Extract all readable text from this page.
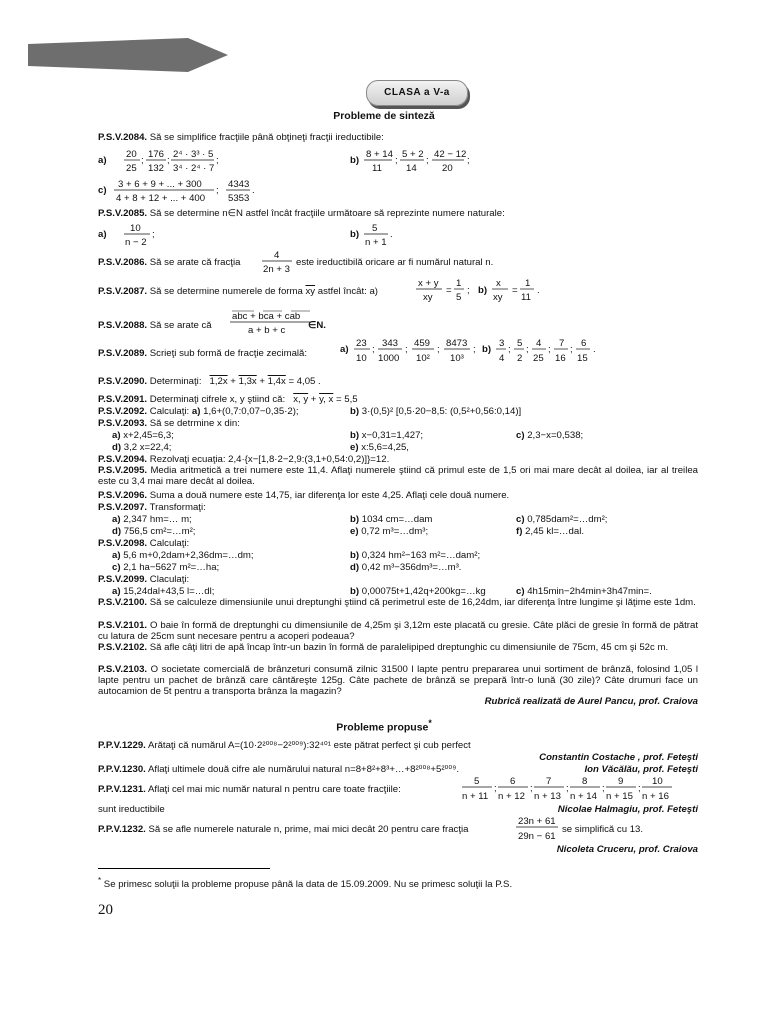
CLASA a V-a
Probleme de sinteză
P.S.V.2084. Să se simplifice fracţiile până obţineţi fracţii ireductibile:
a)
20
25
;
176
132
;
2⁴ · 3³ · 5
3⁴ · 2⁴ · 7
;	b)
8 + 14
11
;
5 + 2
14
;
42 − 12
20
;
c)
3 + 6 + 9 + ... + 300
4 + 8 + 12 + ... + 400
;
4343
5353
.
P.S.V.2085. Să se determine n∈N astfel încât fracţiile următoare să reprezinte numere naturale:
a)
10
n − 2
;	b)
5
n + 1
.
P.S.V.2086. Să se arate că fracţia
4
2n + 3
este ireductibilă oricare ar fi numărul natural n.
P.S.V.2087. Să se determine numerele de forma $\overline{xy}$ astfel încât: a)
x + y
xy
=
1
5
; b)
x
xy
=
1
11
.
P.S.V.2088. Să se arate că
abc + bca + cab
a + b + c ∈N.
P.S.V.2089. Scrieţi sub formă de fracţie zecimală:	a)
23
10
;
343
1000
;
459
10²
;
8473
10³
; b)
3
4
;
5
2
;
4
25
;
7
16
;
6
15
.
P.S.V.2090. Determinaţi: 1,2x + 1,3x + 1,4x = 4,05 .
P.S.V.2091. Determinaţi cifrele x, y ştiind că: x, y + y, x = 5,5
P.S.V.2092. Calculaţi: a) 1,6+(0,7:0,07−0,35·2);	b) 3·(0,5)² [0,5·20−8,5: (0,5²+0,56:0,14)]
P.S.V.2093. Să se detrmine x din:
a) x+2,45=6,3;	b) x−0,31=1,427;	c) 2,3−x=0,538;
d) 3,2 x=22,4;	e) x:5,6=4,25,
P.S.V.2094. Rezolvaţi ecuaţia: 2,4·{x−[1,8·2−2,9:(3,1+0,54:0,2)]}=12.
P.S.V.2095. Media aritmetică a trei numere este 11,4. Aflaţi numerele ştiind că primul este de 1,5 ori mai mare decât al doilea, iar al treilea este cu 3,4 mai mare decât al doilea.
P.S.V.2096. Suma a două numere este 14,75, iar diferenţa lor este 4,25. Aflaţi cele două numere.
P.S.V.2097. Transformaţi:
a) 2,347 hm=… m;	b) 1034 cm=…dam	c) 0,785dam²=…dm²;
d) 756,5 cm²=…m²;	e) 0,72 m³=…dm³;	f) 2,45 kl=…dal.
P.S.V.2098. Calculaţi:
a) 5,6 m+0,2dam+2,36dm=…dm;	b) 0,324 hm²−163 m²=…dam²;
c) 2,1 ha−5627 m²=…ha;	d) 0,42 m³−356dm³=…m³.
P.S.V.2099. Claculaţi:
a) 15,24dal+43,5 l=…dl;	b) 0,00075t+1,42q+200kg=…kg	c) 4h15min−2h4min+3h47min=.
P.S.V.2100. Să se calculeze dimensiunile unui dreptunghi ştiind că perimetrul este de 16,24dm, iar diferenţa între lungime şi lăţime este 1dm.
P.S.V.2101. O baie în formă de dreptunghi cu dimensiunile de 4,25m şi 3,12m este placată cu gresie. Câte plăci de gresie în formă de pătrat cu latura de 25cm sunt necesare pentru a acoperi podeaua?
P.S.V.2102. Să afle câţi litri de apă încap într-un bazin în formă de paralelipiped dreptunghic cu dimensiunile de 75cm, 45 cm şi 52c m.
P.S.V.2103. O societate comercială de brânzeturi consumă zilnic 31500 l lapte pentru prepararea unui sortiment de brânză, folosind 1,05 l lapte pentru un pachet de brânză care cântăreşte 125g. Câte pachete de brânză se prepară într-o lună (30 zile)? Câte drumuri face un autocamion de 5t pentru a transporta brânza la magazin?
Rubrică realizată de Aurel Pancu, prof. Craiova
Probleme propuse*
P.P.V.1229. Arătaţi că numărul A=(10·2²⁰⁰⁸−2²⁰⁰⁹):32⁴⁰¹ este pătrat perfect şi cub perfect
Constantin Costache , prof. Feteşti
P.P.V.1230. Aflaţi ultimele două cifre ale numărului natural n=8+8²+8³+…+8²⁰⁰⁸+5²⁰⁰⁹.	Ion Văcălău, prof. Feteşti
P.P.V.1231. Aflaţi cel mai mic număr natural n pentru care toate fracţiile:
5
n + 11
;
6
n + 12
;
7
n + 13
;
8
n + 14
;
9
n + 15
;
10
n + 16
sunt ireductibile	Nicolae Halmagiu, prof. Feteşti
P.P.V.1232. Să se afle numerele naturale n, prime, mai mici decât 20 pentru care fracţia
23n + 61
29n − 61
se simplifică cu 13.
Nicoleta Cruceru, prof. Craiova
* Se primesc soluţii la probleme propuse până la data de 15.09.2009. Nu se primesc soluţii la P.S.
20
